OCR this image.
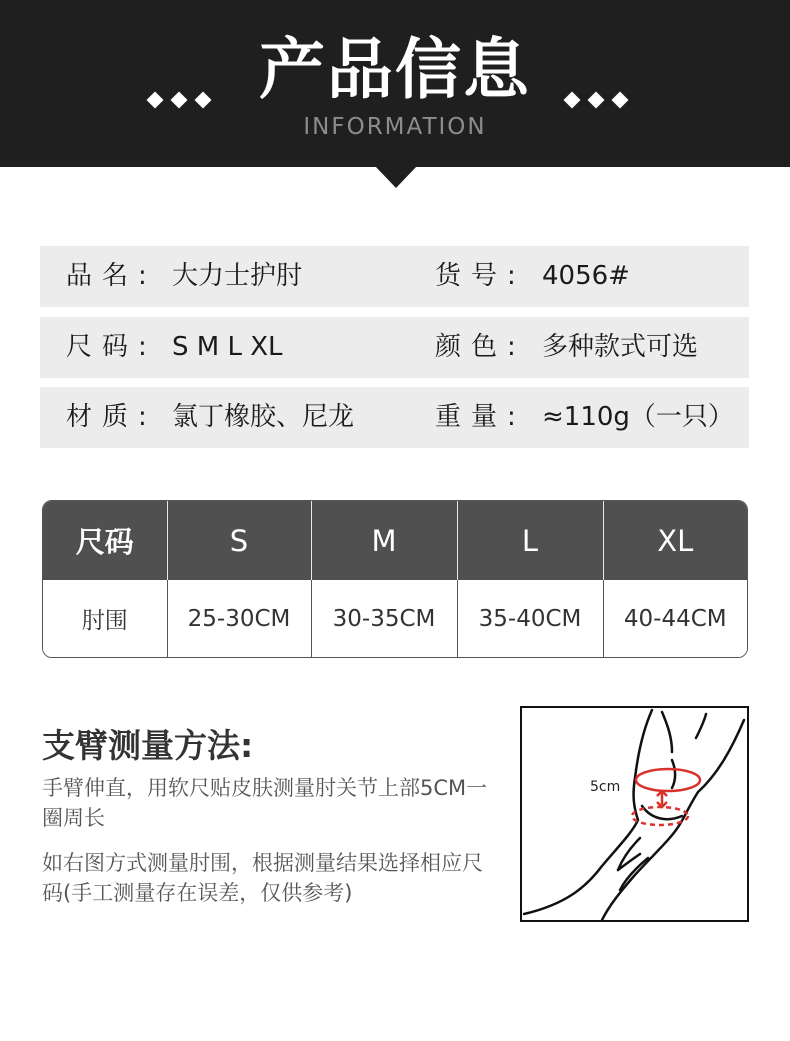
产品信息
INFORMATION
品名: 大力士护肘	货号: 4056#
尺码: S M L XL	颜色: 多种款式可选
材质: 氯丁橡胶、尼龙	重量: ≈110g（一只）
尺码	S	M	L	XL
肘围	25-30CM	30-35CM	35-40CM	40-44CM
支臂测量方法:
手臂伸直，用软尺贴皮肤测量肘关节上部5CM一圈周长
如右图方式测量肘围，根据测量结果选择相应尺码(手工测量存在误差，仅供参考)
5cm
